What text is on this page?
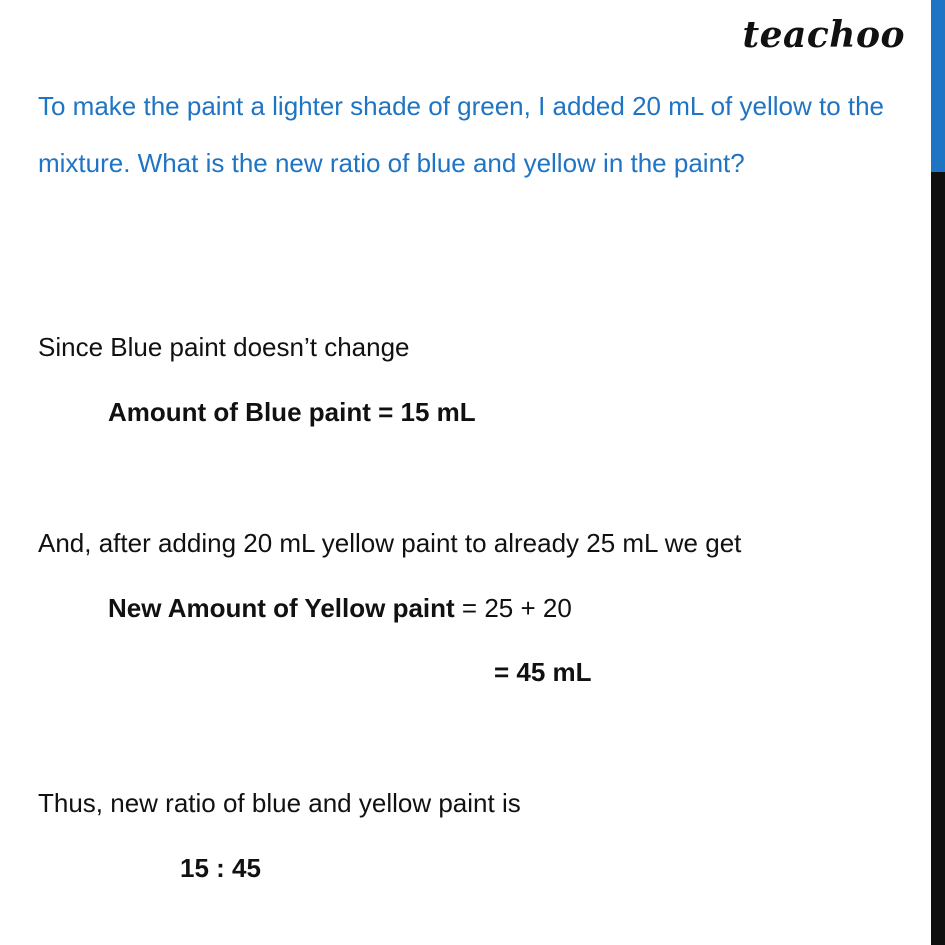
teachoo
To make the paint a lighter shade of green, I added 20 mL of yellow to the mixture. What is the new ratio of blue and yellow in the paint?
Since Blue paint doesn’t change
Amount of Blue paint = 15 mL
And, after adding 20 mL yellow paint to already 25 mL we get
New Amount of Yellow paint = 25 + 20
= 45 mL
Thus, new ratio of blue and yellow paint is
15 : 45
